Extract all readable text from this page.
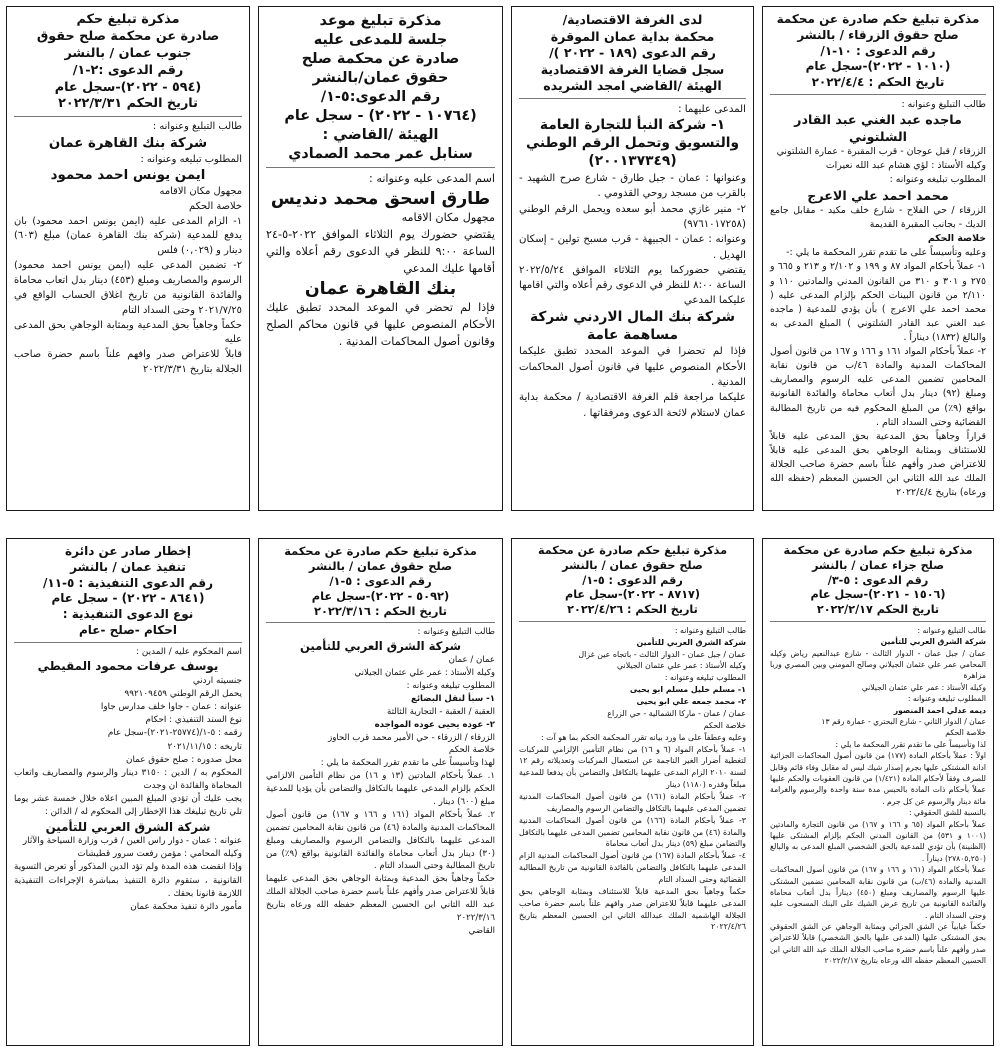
مذكرة تبليغ حكم صادرة عن محكمة
صلح حقوق الزرقاء / بالنشر
رقم الدعوى : ١٠-١/
(١٠١٠ - ٢٠٢٢)-سجل عام
تاريخ الحكم : ٢٠٢٢/٤/٤
طالب التبليغ وعنوانه :
ماجده عبد الغني عبد القادر الشلتوني
الزرقاء / قبل عوجان - قرب المقبرة - عمارة الشلتوني
وكيله الأستاذ : لؤي هشام عبد الله نعيرات
المطلوب تبليغه وعنوانه :
محمد احمد علي الاعرج
الزرقاء / حي الفلاح - شارع خلف مكيد - مقابل جامع الديك - بجانب المقبرة القديمة
خلاصة الحكم
وعليه وتأسيساً على ما تقدم تقرر المحكمة ما يلي :-
١- عملاً بأحكام المواد ٨٧ و ١٩٩ و ٢/١٠٢ و ٢١٣ و ٦٦٥ و ٢٧٥ و ٣٠١ و ٣١٠ من القانون المدني والمادتين ١١٠ و ٢/١١٠ من قانون البينات الحكم بإلزام المدعى عليه ( محمد احمد علي الاعرج ) بأن يؤدي للمدعية ( ماجده عبد الغني عبد القادر الشلتوني ) المبلغ المدعى به والبالغ (١٨٣٢) ديناراً .
٢- عملاً بأحكام المواد ١٦١ و ١٦٦ و ١٦٧ من قانون أصول المحاكمات المدنية والمادة ٤٦/ب من قانون نقابة المحامين تضمين المدعى عليه الرسوم والمصاريف ومبلغ (٩٢) دينار بدل أتعاب محاماة والفائدة القانونية بواقع (٩٪) من المبلغ المحكوم فيه من تاريخ المطالبة القضائية وحتى السداد التام .
قراراً وجاهياً بحق المدعية بحق المدعى عليه قابلاً للاستئناف وبمثابة الوجاهي بحق المدعى عليه قابلاً للاعتراض صدر وأفهم علناً باسم حضرة صاحب الجلالة الملك عبد الله الثاني ابن الحسين المعظم (حفظه الله ورعاه) بتاريخ ٢٠٢٢/٤/٤
لدى الغرفة الاقتصادية/
محكمة بداية عمان الموقرة
رقم الدعوى (١٨٩ - ٢٠٢٢ )/
سجل قضايا الغرفة الاقتصادية
الهيئة /القاضي امجد الشريده
المدعى عليهما :
١- شركة النبأ للتجارة العامة والتسويق وتحمل الرقم الوطني (٢٠٠١٣٧٣٤٩)
وعنوانها : عمان - جبل طارق - شارع صرح الشهيد - بالقرب من مسجد روحي القدومي .
٢- منير غازي محمد أبو سعده ويحمل الرقم الوطني (٩٧٦١٠١٧٢٥٨)
وعنوانه : عمان - الجبيهة - قرب مسبح تولين - إسكان الهديل .
يقتضي حضوركما يوم الثلاثاء الموافق ٢٠٢٢/٥/٢٤ الساعة ٨:٠٠ للنظر في الدعوى رقم أعلاه والتي اقامها عليكما المدعي
شركة بنك المال الاردني شركة مساهمة عامة
فإذا لم تحضرا في الموعد المحدد تطبق عليكما الأحكام المنصوص عليها في قانون أصول المحاكمات المدنية .
عليكما مراجعة قلم الغرفة الاقتصادية / محكمة بداية عمان لاستلام لائحة الدعوى ومرفقاتها .
مذكرة تبليغ موعد
جلسة للمدعى عليه
صادرة عن محكمة صلح
حقوق عمان/بالنشر
رقم الدعوى:٥-١/
(١٠٧٦٤ - ٢٠٢٢) - سجل عام
الهيئة /القاضي :
سنابل عمر محمد الصمادي
اسم المدعى عليه وعنوانه :
طارق اسحق محمد دنديس
مجهول مكان الاقامه
يقتضي حضورك يوم الثلاثاء الموافق ٢٠٢٢-٥-٢٤ الساعة ٩:٠٠ للنظر في الدعوى رقم أعلاه والتي أقامها عليك المدعي
بنك القاهرة عمان
فإذا لم تحضر في الموعد المحدد تطبق عليك الأحكام المنصوص عليها في قانون محاكم الصلح وقانون أصول المحاكمات المدنية .
مذكرة تبليغ حكم
صادرة عن محكمة صلح حقوق
جنوب عمان / بالنشر
رقم الدعوى :٢-١/
(٥٩٤ - ٢٠٢٢)-سجل عام
تاريخ الحكم ٢٠٢٢/٣/٣١
طالب التبليغ وعنوانه :
شركة بنك القاهرة عمان
المطلوب تبليغه وعنوانه :
ايمن يونس احمد محمود
مجهول مكان الاقامه
خلاصة الحكم
١- الزام المدعى عليه (ايمن يونس احمد محمود) بان يدفع للمدعية (شركة بنك القاهرة عمان) مبلغ (٦٠٣) دينار و (٠,٠٢٩) فلس
٢- تضمين المدعى عليه (ايمن يونس احمد محمود) الرسوم والمصاريف ومبلغ (٤٥٣) دينار بدل اتعاب محاماة والفائدة القانونية من تاريخ اغلاق الحساب الواقع في ٢٠٢١/٧/٢٥ وحتى السداد التام
حكماً وجاهياً بحق المدعية وبمثابة الوجاهي بحق المدعى عليه
قابلاً للاعتراض صدر وافهم علناً باسم حضرة صاحب الجلالة بتاريخ ٢٠٢٢/٣/٣١
مذكرة تبليغ حكم صادرة عن محكمة
صلح جزاء عمان / بالنشر
رقم الدعوى : ٥-٣/
(١٥٠٦ - ٢٠٢١)-سجل عام
تاريخ الحكم ٢٠٢٢/٢/١٧
طالب التبليغ وعنوانه :
شركة الشرق العربي للتأمين
عمان / جبل عمان - الدوار الثالث - شارع عبدالنعيم رياض وكيله المحامي عمر علي عثمان الجيلاني وصالح المومني وبين المصري وربا مزاهرة
وكيله الأستاذ : عمر علي عثمان الجيلاني
المطلوب تبليغه وعنوانه :
ديمه عدلي احمد المنصور
عمان / الدوار الثاني - شارع البحتري - عمارة رقم ١٣
خلاصة الحكم
لذا وتأسيساً على ما تقدم تقرر المحكمة ما يلي :
اولاً : عملاً بأحكام المادة (١٧٧) من قانون أصول المحاكمات الجزائية ادانة المشتكى عليها بجرم إصدار شيك ليس له مقابل وفاء قائم وقابل للصرف وفقاً لأحكام المادة (١/٤٢١) من قانون العقوبات والحكم عليها عملاً بأحكام ذات المادة بالحبس مدة سنة واحدة والرسوم والغرامة مائة دينار والرسوم عن كل جرم .
بالنسبة للشق الحقوقي :
عملاً بأحكام المواد (٦٥ و ١٦٦ و ١٦٧) من قانون التجارة والمادتين (١٠٠١ و ٥٣١) من القانون المدني الحكم بإلزام المشتكى عليها (الظنينة) بأن تؤدي للمدعية بالحق الشخصي المبلغ المدعى به والبالغ (٢٧٨٠٥,٢٥٠) ديناراً .
عملاً بأحكام المواد (١٦١ و ١٦٦ و ١٦٧) من قانون أصول المحاكمات المدنية والمادة (٤٦/ب) من قانون نقابة المحامين تضمين المشتكى عليها الرسوم والمصاريف ومبلغ (٤٥٠) ديناراً بدل أتعاب محاماة والفائدة القانونية من تاريخ عرض الشيك على البنك المسحوب عليه وحتى السداد التام .
حكماً غيابياً عن الشق الجزائي وبمثابة الوجاهي عن الشق الحقوقي بحق المشتكى عليها (المدعى عليها بالحق الشخصي) قابلاً للاعتراض صدر وأفهم علناً باسم حضرة صاحب الجلالة الملك عبد الله الثاني ابن الحسين المعظم حفظه الله ورعاه بتاريخ ٢٠٢٢/٢/١٧
مذكرة تبليغ حكم صادرة عن محكمة
صلح حقوق عمان / بالنشر
رقم الدعوى : ٥-١/
(٨٧١٧ - ٢٠٢٢)-سجل عام
تاريخ الحكم : ٢٠٢٢/٤/٢٦
طالب التبليغ وعنوانه :
شركة الشرق العربي للتأمين
عمان / جبل عمان - الدوار الثالث - باتجاه عين غزال
وكيله الأستاذ : عمر علي عثمان الجيلاني
المطلوب تبليغه وعنوانه :
١- مسلم خليل مسلم ابو يحيى
٢- محمد جمعه علي ابو يحيى
عمان / عمان - ماركا الشمالية - حي الزراع
خلاصة الحكم
وعليه وعطفاً على ما ورد بيانه تقرر المحكمة الحكم بما هو آت :
١- عملاً بأحكام المواد (٦ و ١٦) من نظام التأمين الإلزامي للمركبات لتغطية أضرار الغير الناجمة عن استعمال المركبات وتعديلاته رقم ١٢ لسنة ٢٠١٠ الزام المدعى عليهما بالتكافل والتضامن بأن يدفعا للمدعية مبلغاً وقدره (١١٨٠) دينار
٢- عملاً بأحكام المادة (١٦١) من قانون أصول المحاكمات المدنية تضمين المدعى عليهما بالتكافل والتضامن الرسوم والمصاريف
٣- عملاً بأحكام المادة (١٦٦) من قانون أصول المحاكمات المدنية والمادة (٤٦) من قانون نقابة المحامين تضمين المدعى عليهما بالتكافل والتضامن مبلغ (٥٩) دينار بدل أتعاب محاماة
٤- عملاً بأحكام المادة (١٦٧) من قانون أصول المحاكمات المدنية الزام المدعى عليهما بالتكافل والتضامن بالفائدة القانونية من تاريخ المطالبة القضائية وحتى السداد التام
حكماً وجاهياً بحق المدعية قابلاً للاستئناف وبمثابة الوجاهي بحق المدعى عليهما قابلاً للاعتراض صدر وافهم علناً باسم حضرة صاحب الجلالة الهاشمية الملك عبدالله الثاني ابن الحسين المعظم بتاريخ ٢٠٢٢/٤/٢٦
مذكرة تبليغ حكم صادرة عن محكمة
صلح حقوق عمان / بالنشر
رقم الدعوى : ٥-١/
(٥٠٩٢ - ٢٠٢٢)-سجل عام
تاريخ الحكم : ٢٠٢٢/٣/١٦
طالب التبليغ وعنوانه :
شركة الشرق العربي للتأمين
عمان / عمان
وكيله الأستاذ : عمر علي عثمان الجيلاني
المطلوب تبليغه وعنوانه :
١- سبأ لنقل البضائع
العقبة / العقبة - التجارية الثالثة
٢- عوده يحيى عوده المواجده
الزرقاء / الزرقاء - حي الأمير محمد قرب الحاوز
خلاصة الحكم
لهذا وتأسيساً على ما تقدم تقرر المحكمة ما يلي :
١. عملاً بأحكام المادتين (١٣ و ١٦) من نظام التأمين الالزامي الحكم بإلزام المدعى عليهما بالتكافل والتضامن بأن يؤديا للمدعية مبلغ (٦٠٠) دينار .
٢. عملاً بأحكام المواد (١٦١ و ١٦٦ و ١٦٧) من قانون أصول المحاكمات المدنية والمادة (٤٦) من قانون نقابة المحامين تضمين المدعى عليهما بالتكافل والتضامن الرسوم والمصاريف ومبلغ (٣٠) دينار بدل أتعاب محاماة والفائدة القانونية بواقع (٩٪) من تاريخ المطالبة وحتى السداد التام .
حكماً وجاهياً بحق المدعية وبمثابة الوجاهي بحق المدعى عليهما قابلاً للاعتراض صدر وأفهم علناً باسم حضرة صاحب الجلالة الملك عبد الله الثاني ابن الحسين المعظم حفظه الله ورعاه بتاريخ ٢٠٢٢/٣/١٦
القاضي
إخطار صادر عن دائرة
تنفيذ عمان / بالنشر
رقم الدعوى التنفيذية : ٥-١١/
(٨٦٤١ - ٢٠٢٢) - سجل عام
نوع الدعوى التنفيذية :
احكام -صلح -عام
اسم المحكوم عليه / المدين :
يوسف عرفات محمود المقيطي
جنسيته اردني
يحمل الرقم الوطني ٩٩٢١٠٩٤٥٩
عنوانه : عمان - جاوا خلف مدارس جاوا
نوع السند التنفيذي : احكام
رقمه : ٥-١/(٢٥٧٧٤-٢٠٢١)-سجل عام
تاريخه : ٢٠٢١/١١/١٥
محل صدوره : صلح حقوق عمان
المحكوم به / الدين : ٣١٥٠ دينار والرسوم والمصاريف واتعاب المحاماة والفائدة ان وجدت
يجب عليك أن تؤدي المبلغ المبين اعلاه خلال خمسة عشر يوما تلي تاريخ تبليغك هذا الإخطار إلى المحكوم له / الدائن :
شركة الشرق العربي للتأمين
عنوانه : عمان - دوار راس العين / قرب وزارة السياحة والآثار
وكيله المحامي : مؤمن رفعت سرور قطيشات
وإذا انقضت هذه المدة ولم تؤد الدين المذكور أو تعرض التسوية القانونية ، ستقوم دائرة التنفيذ بمباشرة الإجراءات التنفيذية اللازمة قانونا بحقك .
مأمور دائرة تنفيذ محكمة عمان
